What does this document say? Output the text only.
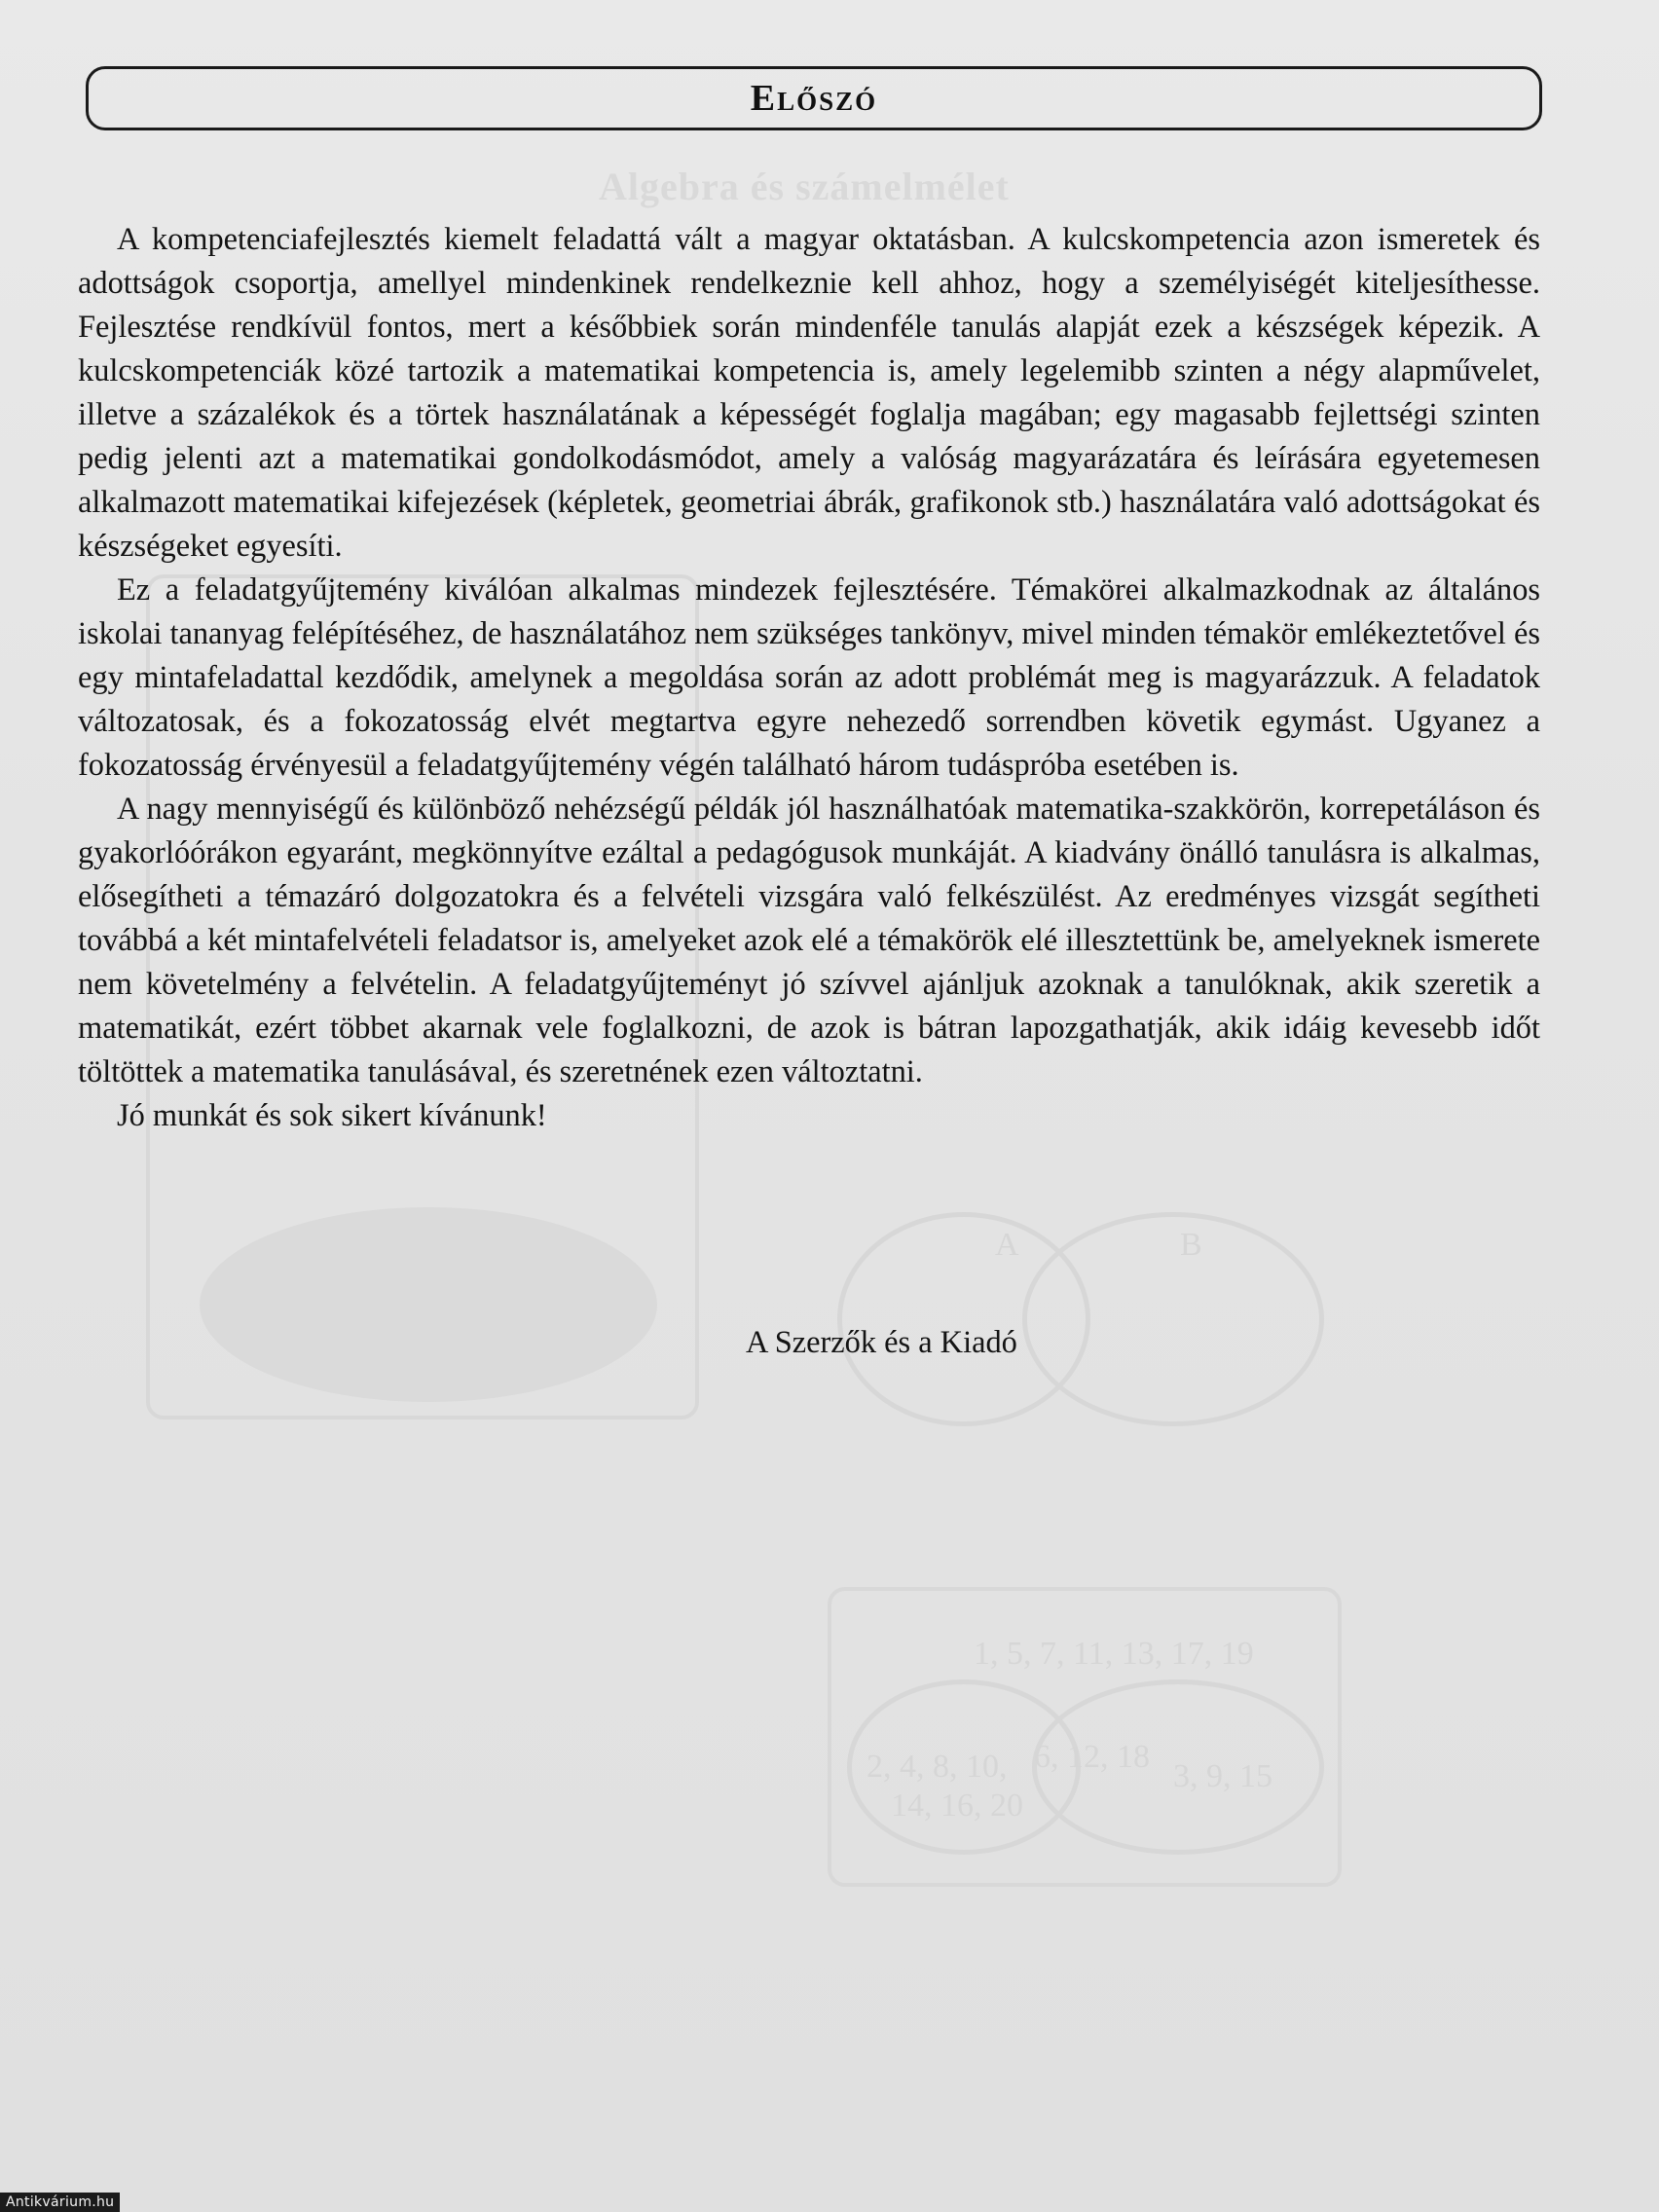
Algebra és számelmélet
1, 5, 7, 11, 13, 17, 19
A	B
2, 4, 8, 10,
14, 16, 20
6, 12, 18
3, 9, 15
Előszó

A kompetenciafejlesztés kiemelt feladattá vált a magyar oktatásban. A kulcskompetencia azon ismeretek és adottságok csoportja, amellyel mindenkinek rendelkeznie kell ahhoz, hogy a személyiségét kiteljesíthesse. Fejlesztése rendkívül fontos, mert a későbbiek során mindenféle tanulás alapját ezek a készségek képezik. A kulcskompetenciák közé tartozik a matematikai kompetencia is, amely legelemibb szinten a négy alapművelet, illetve a százalékok és a törtek használatának a képességét foglalja magában; egy magasabb fejlettségi szinten pedig jelenti azt a matematikai gondolkodásmódot, amely a valóság magyarázatára és leírására egyetemesen alkalmazott matematikai kifejezések (képletek, geometriai ábrák, grafikonok stb.) használatára való adottságokat és készségeket egyesíti.

Ez a feladatgyűjtemény kiválóan alkalmas mindezek fejlesztésére. Témakörei alkalmazkodnak az általános iskolai tananyag felépítéséhez, de használatához nem szükséges tankönyv, mivel minden témakör emlékeztetővel és egy mintafeladattal kezdődik, amelynek a megoldása során az adott problémát meg is magyarázzuk. A feladatok változatosak, és a fokozatosság elvét megtartva egyre nehezedő sorrendben követik egymást. Ugyanez a fokozatosság érvényesül a feladatgyűjtemény végén található három tudáspróba esetében is.

A nagy mennyiségű és különböző nehézségű példák jól használhatóak matematika-szakkörön, korrepetáláson és gyakorlóórákon egyaránt, megkönnyítve ezáltal a pedagógusok munkáját. A kiadvány önálló tanulásra is alkalmas, elősegítheti a témazáró dolgozatokra és a felvételi vizsgára való felkészülést. Az eredményes vizsgát segítheti továbbá a két mintafelvételi feladatsor is, amelyeket azok elé a témakörök elé illesztettünk be, amelyeknek ismerete nem követelmény a felvételin. A feladatgyűjteményt jó szívvel ajánljuk azoknak a tanulóknak, akik szeretik a matematikát, ezért többet akarnak vele foglalkozni, de azok is bátran lapozgathatják, akik idáig kevesebb időt töltöttek a matematika tanulásával, és szeretnének ezen változtatni.

Jó munkát és sok sikert kívánunk!

A Szerzők és a Kiadó
Antikvárium.hu
